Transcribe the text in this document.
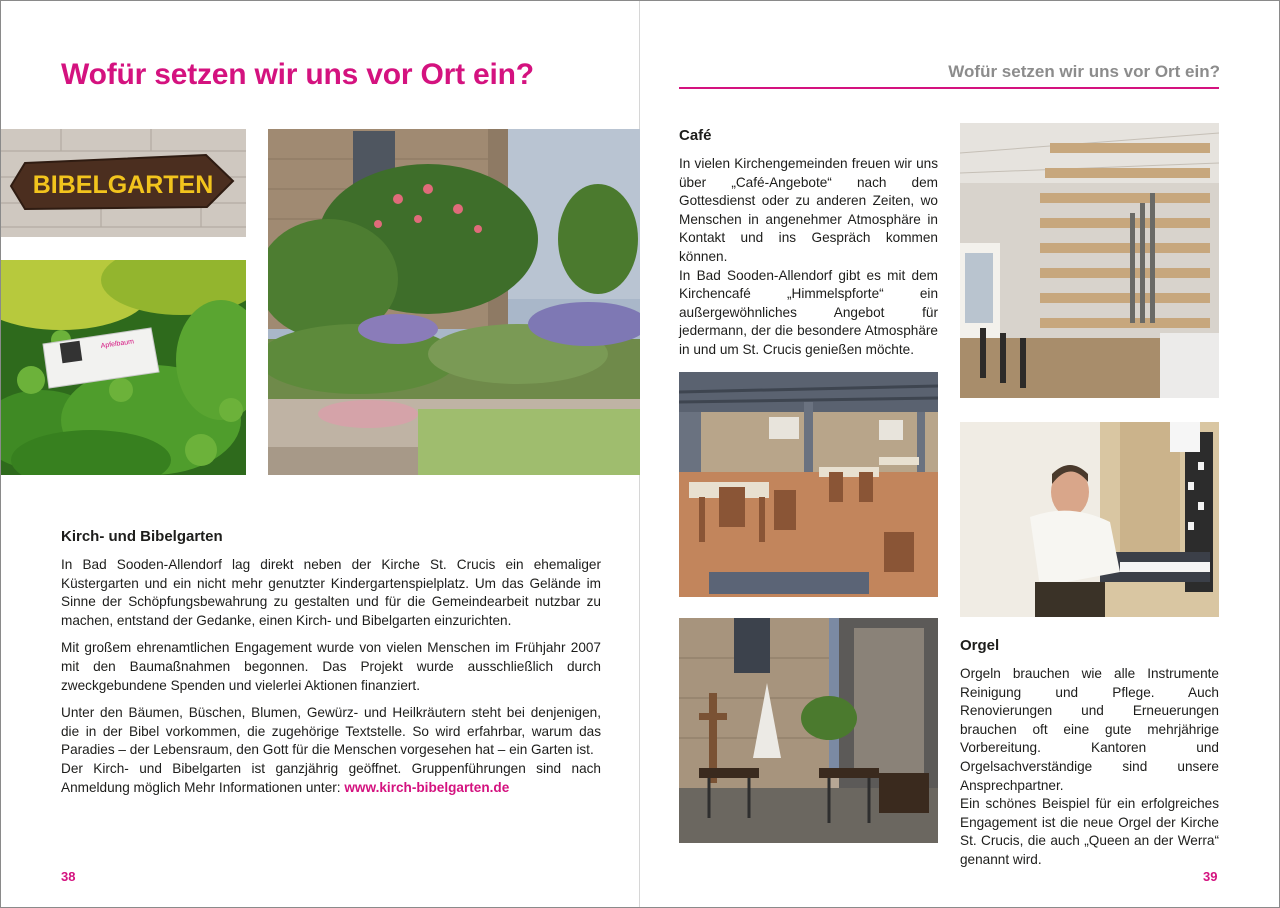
Wofür setzen wir uns vor Ort ein?	Wofür setzen wir uns vor Ort ein?
BIBELGARTEN
Apfelbaum
Kirch- und Bibelgarten

In Bad Sooden-Allendorf lag direkt neben der Kirche St. Crucis ein ehemaliger Küstergarten und ein nicht mehr genutzter Kindergartenspielplatz. Um das Gelände im Sinne der Schöpfungsbewahrung zu gestalten und für die Gemeindearbeit nutzbar zu machen, entstand der Gedanke, einen Kirch- und Bibelgarten einzurichten.

Mit großem ehrenamtlichen Engagement wurde von vielen Menschen im Frühjahr 2007 mit den Baumaßnahmen begonnen. Das Projekt wurde ausschließlich durch zweckgebundene Spenden und vielerlei Aktionen finanziert.

Unter den Bäumen, Büschen, Blumen, Gewürz- und Heilkräutern steht bei denjenigen, die in der Bibel vorkommen, die zugehörige Textstelle. So wird erfahrbar, warum das Paradies – der Lebensraum, den Gott für die Menschen vorgesehen hat – ein Garten ist.

Der Kirch- und Bibelgarten ist ganzjährig geöffnet. Gruppenführungen sind nach Anmeldung möglich Mehr Informationen unter: www.kirch-bibelgarten.de

38
Café

In vielen Kirchengemeinden freuen wir uns über „Café-Angebote“ nach dem Gottesdienst oder zu anderen Zeiten, wo Menschen in angenehmer Atmosphäre in Kontakt und ins Gespräch kommen können.

In Bad Sooden-Allendorf gibt es mit dem Kirchencafé „Himmelspforte“ ein außergewöhnliches Angebot für jedermann, der die besondere Atmosphäre in und um St. Crucis genießen möchte.

Orgel

Orgeln brauchen wie alle Instrumente Reinigung und Pflege. Auch Renovierungen und Erneuerungen brauchen oft eine gute mehrjährige Vorbereitung. Kantoren und Orgelsachverständige sind unsere Ansprechpartner.

Ein schönes Beispiel für ein erfolgreiches Engagement ist die neue Orgel der Kirche St. Crucis, die auch „Queen an der Werra“ genannt wird.

39
